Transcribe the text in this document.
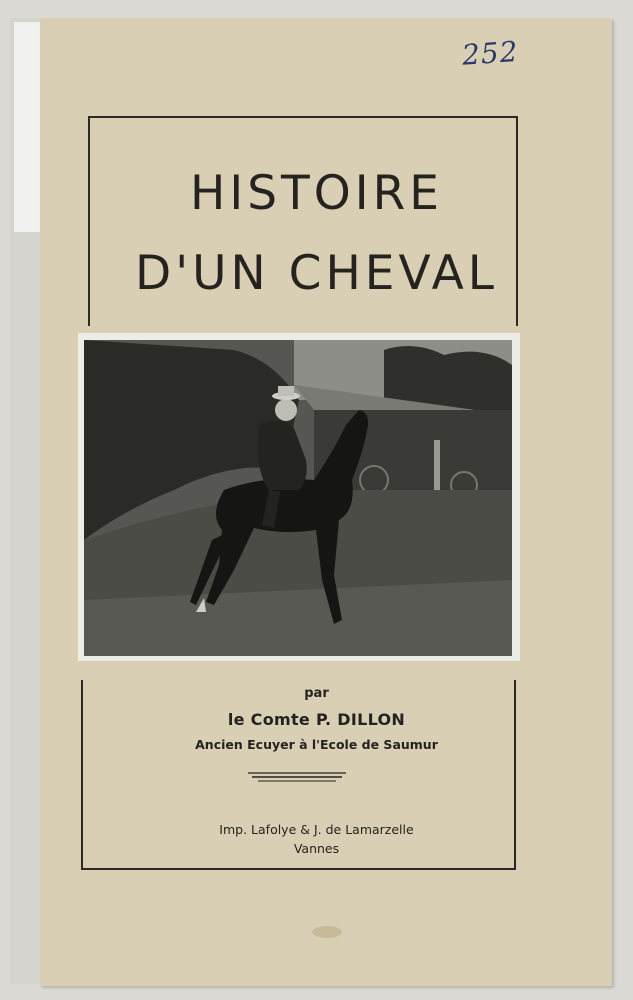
252
HISTOIRE
D'UN CHEVAL

par

le Comte P. DILLON

Ancien Ecuyer à l'Ecole de Saumur

Imp. Lafolye & J. de Lamarzelle

Vannes
